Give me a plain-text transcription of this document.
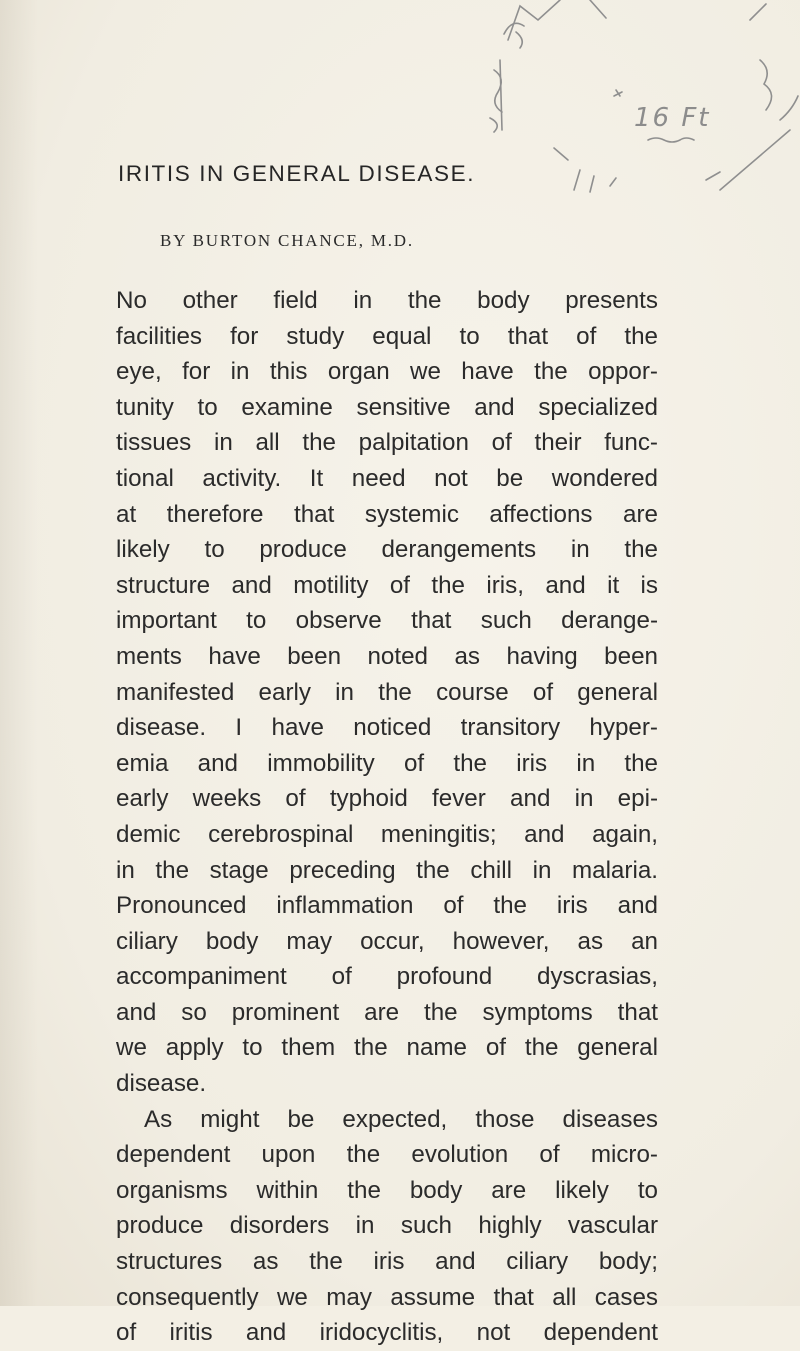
16 Ft
IRITIS IN GENERAL DISEASE.
BY BURTON CHANCE, M.D.
No other field in the body presents
facilities for study equal to that of the
eye, for in this organ we have the oppor-
tunity to examine sensitive and specialized
tissues in all the palpitation of their func-
tional activity. It need not be wondered
at therefore that systemic affections are
likely to produce derangements in the
structure and motility of the iris, and it is
important to observe that such derange-
ments have been noted as having been
manifested early in the course of general
disease. I have noticed transitory hyper-
emia and immobility of the iris in the
early weeks of typhoid fever and in epi-
demic cerebrospinal meningitis; and again,
in the stage preceding the chill in malaria.
Pronounced inflammation of the iris and
ciliary body may occur, however, as an
accompaniment of profound dyscrasias,
and so prominent are the symptoms that
we apply to them the name of the general
disease.
As might be expected, those diseases
dependent upon the evolution of micro-
organisms within the body are likely to
produce disorders in such highly vascular
structures as the iris and ciliary body;
consequently we may assume that all cases
of iritis and iridocyclitis, not dependent
